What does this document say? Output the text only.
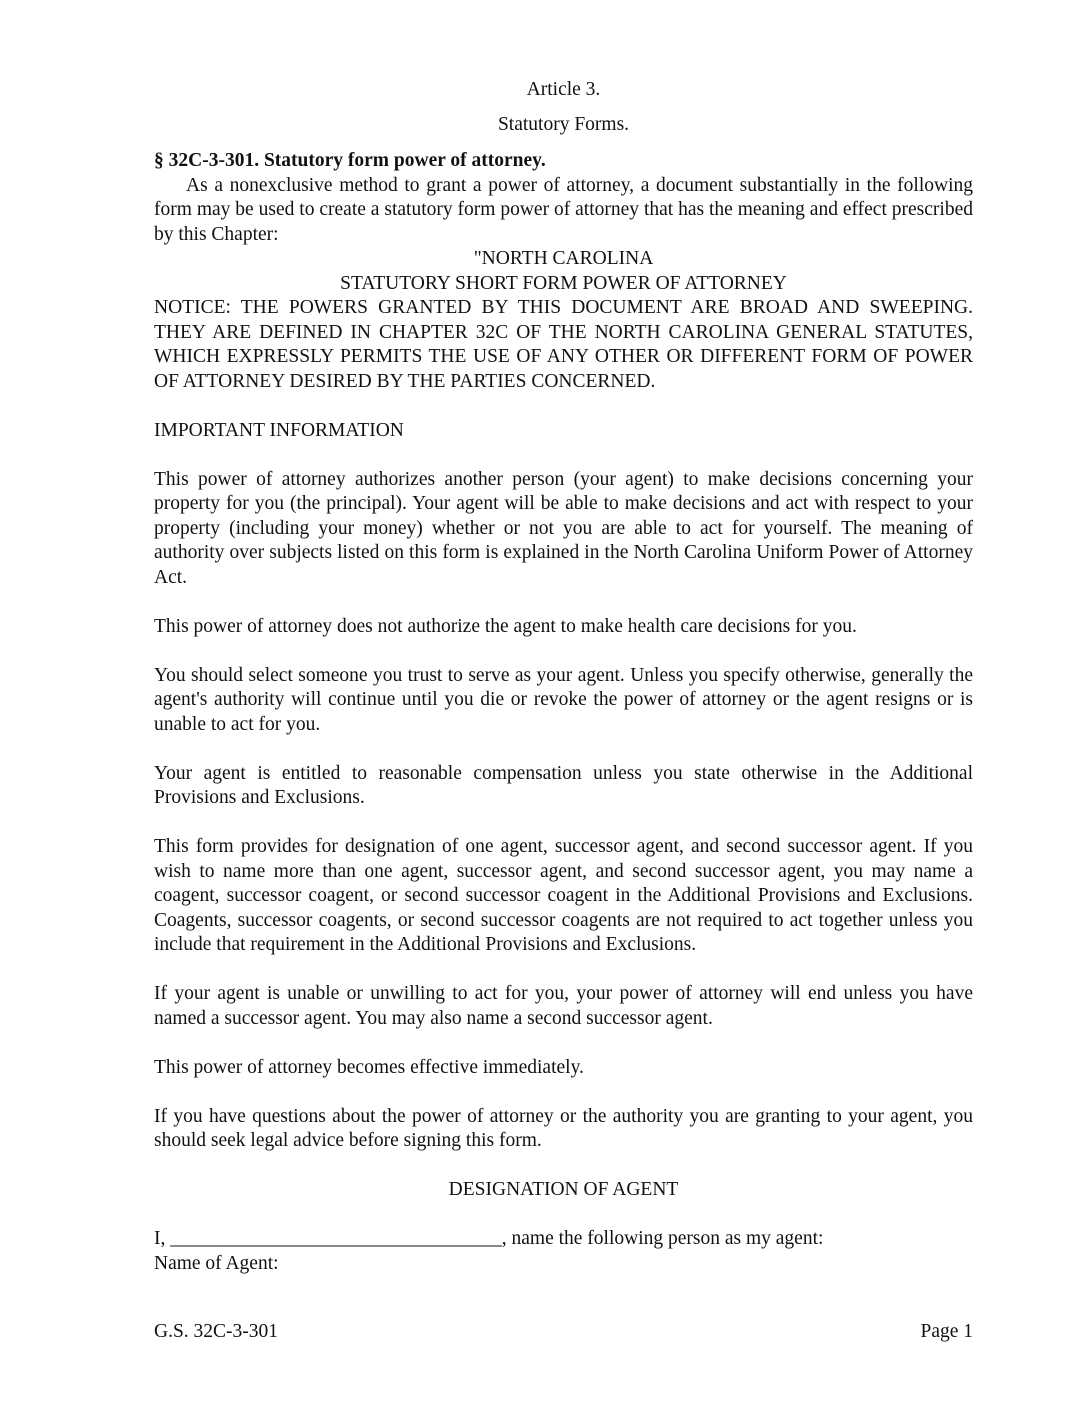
Article 3.

Statutory Forms.

§ 32C-3-301. Statutory form power of attorney.

As a nonexclusive method to grant a power of attorney, a document substantially in the following form may be used to create a statutory form power of attorney that has the meaning and effect prescribed by this Chapter:

"NORTH CAROLINA

STATUTORY SHORT FORM POWER OF ATTORNEY

NOTICE: THE POWERS GRANTED BY THIS DOCUMENT ARE BROAD AND SWEEPING. THEY ARE DEFINED IN CHAPTER 32C OF THE NORTH CAROLINA GENERAL STATUTES, WHICH EXPRESSLY PERMITS THE USE OF ANY OTHER OR DIFFERENT FORM OF POWER OF ATTORNEY DESIRED BY THE PARTIES CONCERNED.

IMPORTANT INFORMATION

This power of attorney authorizes another person (your agent) to make decisions concerning your property for you (the principal). Your agent will be able to make decisions and act with respect to your property (including your money) whether or not you are able to act for yourself. The meaning of authority over subjects listed on this form is explained in the North Carolina Uniform Power of Attorney Act.

This power of attorney does not authorize the agent to make health care decisions for you.

You should select someone you trust to serve as your agent. Unless you specify otherwise, generally the agent's authority will continue until you die or revoke the power of attorney or the agent resigns or is unable to act for you.

Your agent is entitled to reasonable compensation unless you state otherwise in the Additional Provisions and Exclusions.

This form provides for designation of one agent, successor agent, and second successor agent. If you wish to name more than one agent, successor agent, and second successor agent, you may name a coagent, successor coagent, or second successor coagent in the Additional Provisions and Exclusions. Coagents, successor coagents, or second successor coagents are not required to act together unless you include that requirement in the Additional Provisions and Exclusions.

If your agent is unable or unwilling to act for you, your power of attorney will end unless you have named a successor agent. You may also name a second successor agent.

This power of attorney becomes effective immediately.

If you have questions about the power of attorney or the authority you are granting to your agent, you should seek legal advice before signing this form.

DESIGNATION OF AGENT

I, __________________________________, name the following person as my agent:

Name of Agent:

G.S. 32C-3-301	Page 1
